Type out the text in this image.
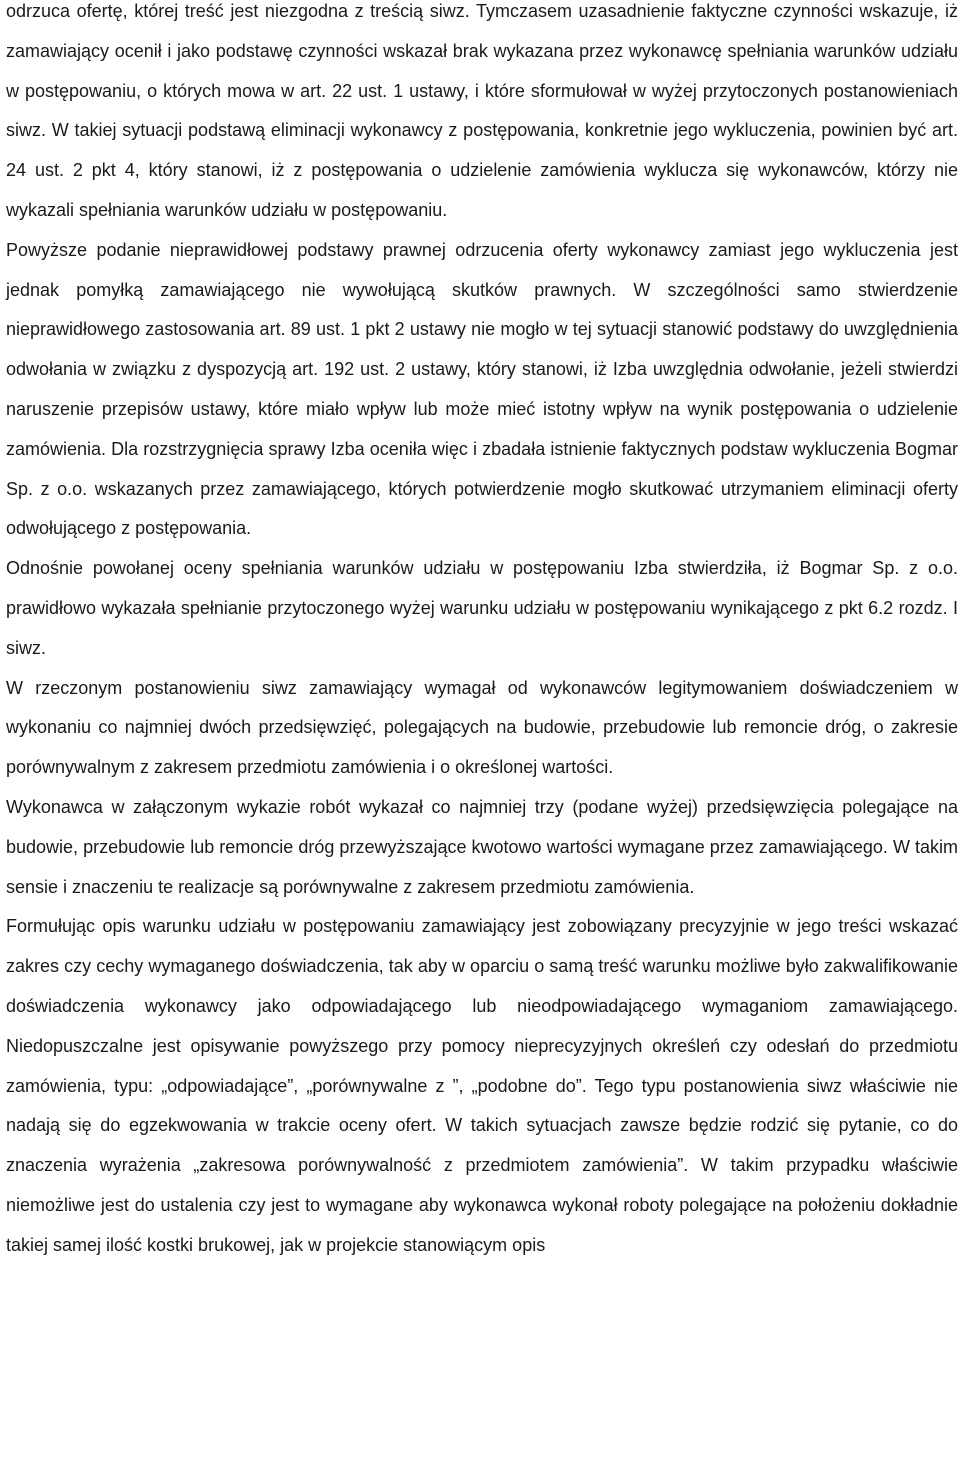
odrzuca ofertę, której treść jest niezgodna z treścią siwz. Tymczasem uzasadnienie faktyczne czynności wskazuje, iż zamawiający ocenił i jako podstawę czynności wskazał brak wykazana przez wykonawcę spełniania warunków udziału w postępowaniu, o których mowa w art. 22 ust. 1 ustawy, i które sformułował w wyżej przytoczonych postanowieniach siwz. W takiej sytuacji podstawą eliminacji wykonawcy z postępowania, konkretnie jego wykluczenia, powinien być art. 24 ust. 2 pkt 4, który stanowi, iż z postępowania o udzielenie zamówienia wyklucza się wykonawców, którzy nie wykazali spełniania warunków udziału w postępowaniu.

Powyższe podanie nieprawidłowej podstawy prawnej odrzucenia oferty wykonawcy zamiast jego wykluczenia jest jednak pomyłką zamawiającego nie wywołującą skutków prawnych. W szczególności samo stwierdzenie nieprawidłowego zastosowania art. 89 ust. 1 pkt 2 ustawy nie mogło w tej sytuacji stanowić podstawy do uwzględnienia odwołania w związku z dyspozycją art. 192 ust. 2 ustawy, który stanowi, iż Izba uwzględnia odwołanie, jeżeli stwierdzi naruszenie przepisów ustawy, które miało wpływ lub może mieć istotny wpływ na wynik postępowania o udzielenie zamówienia. Dla rozstrzygnięcia sprawy Izba oceniła więc i zbadała istnienie faktycznych podstaw wykluczenia Bogmar Sp. z o.o. wskazanych przez zamawiającego, których potwierdzenie mogło skutkować utrzymaniem eliminacji oferty odwołującego z postępowania.

Odnośnie powołanej oceny spełniania warunków udziału w postępowaniu Izba stwierdziła, iż Bogmar Sp. z o.o. prawidłowo wykazała spełnianie przytoczonego wyżej warunku udziału w postępowaniu wynikającego z pkt 6.2 rozdz. I siwz.

W rzeczonym postanowieniu siwz zamawiający wymagał od wykonawców legitymowaniem doświadczeniem w wykonaniu co najmniej dwóch przedsięwzięć, polegających na budowie, przebudowie lub remoncie dróg, o zakresie porównywalnym z zakresem przedmiotu zamówienia i o określonej wartości.

Wykonawca w załączonym wykazie robót wykazał co najmniej trzy (podane wyżej) przedsięwzięcia polegające na budowie, przebudowie lub remoncie dróg przewyższające kwotowo wartości wymagane przez zamawiającego. W takim sensie i znaczeniu te realizacje są porównywalne z zakresem przedmiotu zamówienia.

Formułując opis warunku udziału w postępowaniu zamawiający jest zobowiązany precyzyjnie w jego treści wskazać zakres czy cechy wymaganego doświadczenia, tak aby w oparciu o samą treść warunku możliwe było zakwalifikowanie doświadczenia wykonawcy jako odpowiadającego lub nieodpowiadającego wymaganiom zamawiającego. Niedopuszczalne jest opisywanie powyższego przy pomocy nieprecyzyjnych określeń czy odesłań do przedmiotu zamówienia, typu: „odpowiadające”, „porównywalne z ”, „podobne do”. Tego typu postanowienia siwz właściwie nie nadają się do egzekwowania w trakcie oceny ofert. W takich sytuacjach zawsze będzie rodzić się pytanie, co do znaczenia wyrażenia „zakresowa porównywalność z przedmiotem zamówienia”. W takim przypadku właściwie niemożliwe jest do ustalenia czy jest to wymagane aby wykonawca wykonał roboty polegające na położeniu dokładnie takiej samej ilość kostki brukowej, jak w projekcie stanowiącym opis
